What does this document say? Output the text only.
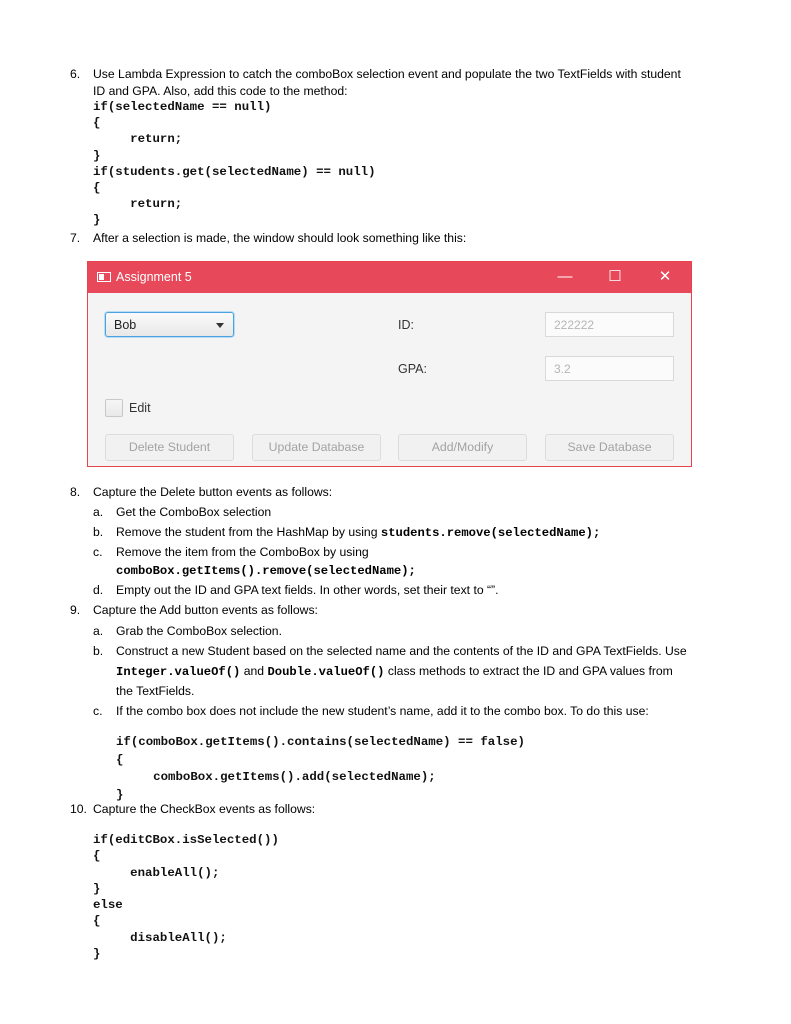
6. Use Lambda Expression to catch the comboBox selection event and populate the two TextFields with student
ID and GPA. Also, add this code to the method:
if(selectedName == null)
{
return;
}
if(students.get(selectedName) == null)
{
return;
}
7. After a selection is made, the window should look something like this:
Assignment 5	— ☐ ✕
Bob	ID:	222222
GPA:	3.2
Edit
Delete Student	Update Database	Add/Modify	Save Database
8. Capture the Delete button events as follows:
a. Get the ComboBox selection
b. Remove the student from the HashMap by using students.remove(selectedName);
c. Remove the item from the ComboBox by using
comboBox.getItems().remove(selectedName);
d. Empty out the ID and GPA text fields. In other words, set their text to “”.
9. Capture the Add button events as follows:
a. Grab the ComboBox selection.
b. Construct a new Student based on the selected name and the contents of the ID and GPA TextFields. Use
Integer.valueOf() and Double.valueOf() class methods to extract the ID and GPA values from
the TextFields.
c. If the combo box does not include the new student’s name, add it to the combo box. To do this use:
if(comboBox.getItems().contains(selectedName) == false)
{
comboBox.getItems().add(selectedName);
}
10. Capture the CheckBox events as follows:
if(editCBox.isSelected())
{
enableAll();
}
else
{
disableAll();
}
